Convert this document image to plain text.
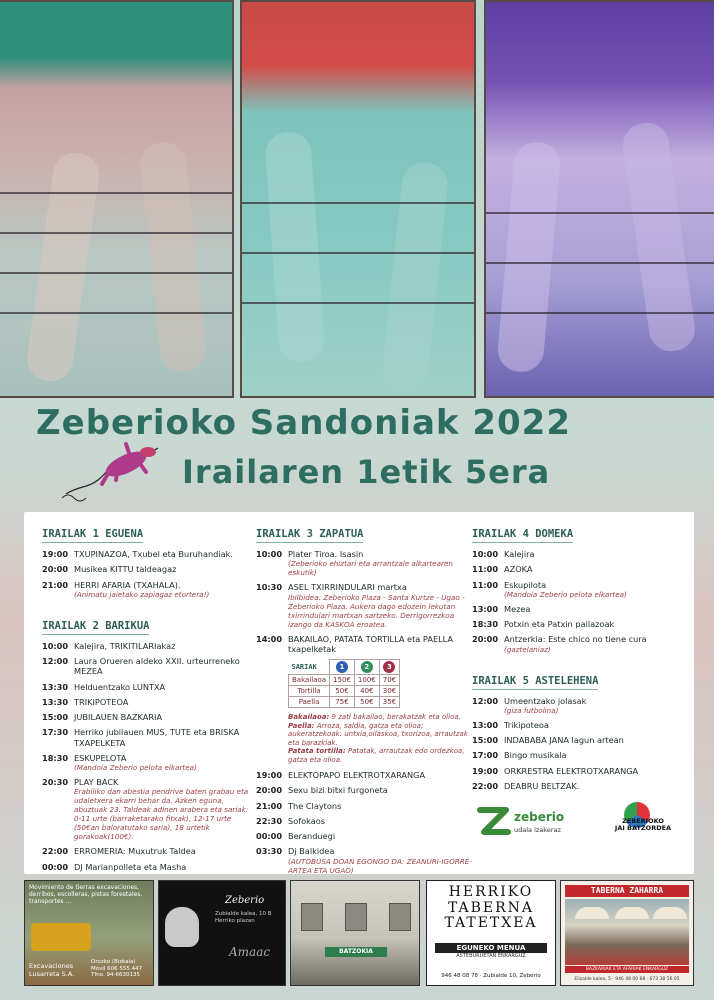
Zeberioko Sandoniak 2022
Irailaren 1etik 5era
IRAILAK 1 EGUENA

19:00 TXUPINAZOA, Txubel eta Buruhandiak.
20:00 Musikea KITTU taldeagaz
21:00 HERRI AFARIA (TXAHALA).
(Animatu jaietako zapiagaz etortera!)
IRAILAK 2 BARIKUA

10:00 Kalejira, TRIKITILARIakaz
12:00 Laura Orueren aldeko XXII. urteurreneko MEZEA
13:30 Helduentzako LUNTXA
13:30 TRIKIPOTEOA
15:00 JUBILAUEN BAZKARIA
17:30 Herriko jubilauen MUS, TUTE eta BRISKA TXAPELKETA
18:30 ESKUPELOTA
(Mandoia Zeberio pelota elkartea)
20:30 PLAY BACK
Erabiliko dan abestia pendrive baten grabau eta udaletxera ekarri behar da. Azken eguna, abuztuak 23. Taldeak adinen arabera eta sariak: 0-11 urte (barraketarako fitxak), 12-17 urte (50€an baloratutako saria), 18 urtetik gorakoak(100€).
22:00 ERROMERIA: Muxutruk Taldea
00:00 DJ Marianpolleta eta Masha
IRAILAK 3 ZAPATUA

10:00 Plater Tiroa. Isasin
(Zeberioko ehiztari eta arrantzale alkartearen eskutik)
10:30 ASEL TXIRRINDULARI martxa
Ibilbidea: Zeberioko Plaza - Santa Kurtze - Ugao - Zeberioko Plaza. Aukera dago edozein lekutan txirrindulari martxan sartzeko. Derrigorrezkoa izango da KASKOA eroatea.
14:00 BAKAILAO, PATATA TORTILLA eta PAELLA txapelketak
SARIAK	1	2	3
Bakailaoa	150€	100€	70€
Tortilla	50€	40€	30€
Paella	75€	50€	35€
Bakailaoa: 9 zati bakailao, berakatzak eta olioa.
Paella: Arroza, saldia, gatza eta olioa; aukeratzekoak: untxia,oilaskoa, txorizoa, arrautzak eta barazkiak.
Patata tortilla: Patatak, arrautzak edo ordezkoa, gatza eta olioa.
19:00 ELEKTOPAPO ELEKTROTXARANGA
20:00 Sexu bizi bitxi furgoneta
21:00 The Claytons
22:30 Sofokaos
00:00 Beranduegi
03:30 Dj Balkidea
(AUTOBUSA DOAN EGONGO DA: ZEANURI-IGORRE-ARTEA ETA UGAO)
IRAILAK 4 DOMEKA

10:00 Kalejira
11:00 AZOKA
11:00 Eskupilota
(Mandoia Zeberio pelota elkartea)
13:00 Mezea
18:30 Potxin eta Patxin pailazoak
20:00 Antzerkia: Este chico no tiene cura
(gaztelaniaz)
IRAILAK 5 ASTELEHENA

12:00 Umeentzako jolasak
(giza futbolina)
13:00 Trikipoteoa
15:00 INDABABA JANA lagun artean
17:00 Bingo musikala
19:00 ORKRESTRA ELEKTROTXARANGA
22:00 DEABRU BELTZAK.
zeberio
udala izakeraz
ZEBERIOKO
JAI BATZORDEA
Movimiento de tierras excavaciones, derribos, escolleras, pistas forestales, transportes ...
Excavaciones
Lusarreta S.A.
Orozko (Bizkaia)
Móvil 606 555 447
Tfno. 94-6630135
Zeberio
Zubialde kalea, 10 B
Herriko plazan
Amaac	BATZOKIA
HERRIKO
TABERNA
TATETXEA
EGUNEKO MENUA
ASTEBURUETAN ENKARGUZ
946 48 08 78 · Zubialde 10, Zeberio
TABERNA ZAHARRA
BAZKARIAK ETA AFARIAK ENKARGUZ
Elizalde kalea, 5 · 946 48 00 68 · 673 38 56 05
